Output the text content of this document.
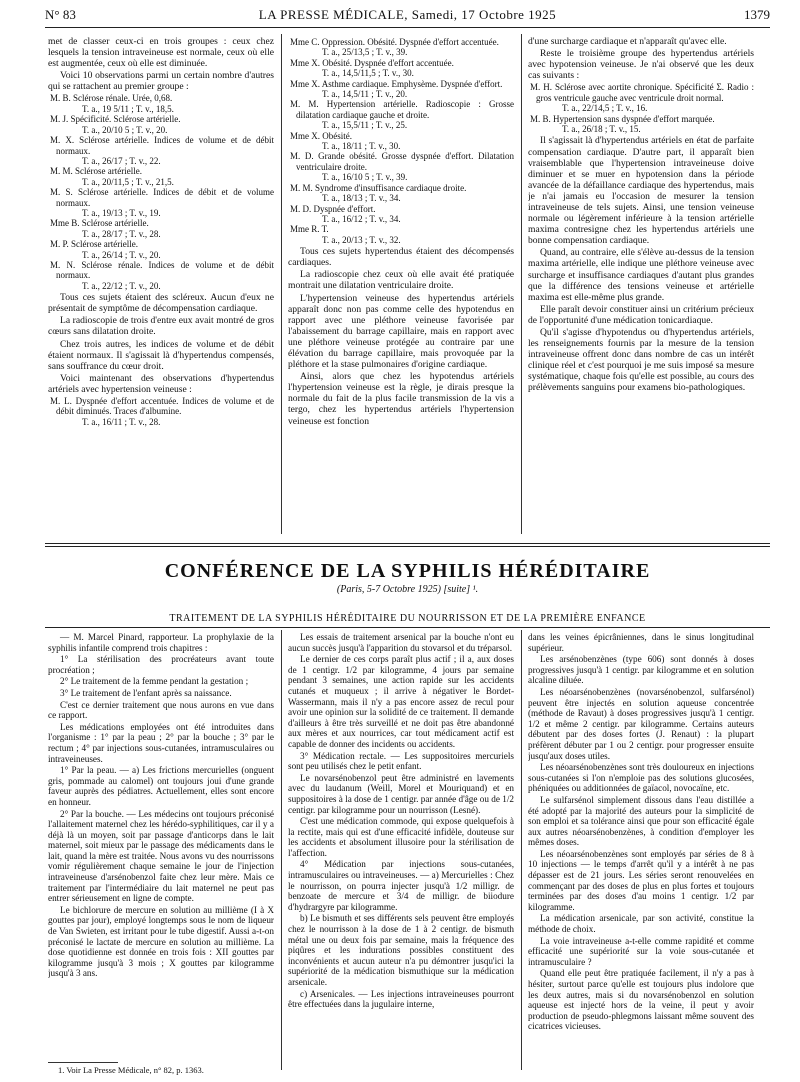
N° 83	LA PRESSE MÉDICALE, Samedi, 17 Octobre 1925	1379

met de classer ceux-ci en trois groupes : ceux chez lesquels la tension intraveineuse est normale, ceux où elle est augmentée, ceux où elle est diminuée.

Voici 10 observations parmi un certain nombre d'autres qui se rattachent au premier groupe :

M. B. Sclérose rénale. Urée, 0,68.
T. a., 19 5/11 ; T. v., 18,5.
M. J. Spécificité. Sclérose artérielle.
T. a., 20/10 5 ; T. v., 20.
M. X. Sclérose artérielle. Indices de volume et de débit normaux.
T. a., 26/17 ; T. v., 22.
M. M. Sclérose artérielle.
T. a., 20/11,5 ; T. v., 21,5.
M. S. Sclérose artérielle. Indices de débit et de volume normaux.
T. a., 19/13 ; T. v., 19.
Mme B. Sclérose artérielle.
T. a., 28/17 ; T. v., 28.
M. P. Sclérose artérielle.
T. a., 26/14 ; T. v., 20.
M. N. Sclérose rénale. Indices de volume et de débit normaux.
T. a., 22/12 ; T. v., 20.

Tous ces sujets étaient des scléreux. Aucun d'eux ne présentait de symptôme de décompensation cardiaque.

La radioscopie de trois d'entre eux avait montré de gros cœurs sans dilatation droite.

Chez trois autres, les indices de volume et de débit étaient normaux. Il s'agissait là d'hypertendus compensés, sans souffrance du cœur droit.

Voici maintenant des observations d'hypertendus artériels avec hypertension veineuse :

M. L. Dyspnée d'effort accentuée. Indices de volume et de débit diminués. Traces d'albumine.
T. a., 16/11 ; T. v., 28.
Mme C. Oppression. Obésité. Dyspnée d'effort accentuée.
T. a., 25/13,5 ; T. v., 39.
Mme X. Obésité. Dyspnée d'effort accentuée.
T. a., 14,5/11,5 ; T. v., 30.
Mme X. Asthme cardiaque. Emphysème. Dyspnée d'effort.
T. a., 14,5/11 ; T. v., 20.
M. M. Hypertension artérielle. Radioscopie : Grosse dilatation cardiaque gauche et droite.
T. a., 15,5/11 ; T. v., 25.
Mme X. Obésité.
T. a., 18/11 ; T. v., 30.
M. D. Grande obésité. Grosse dyspnée d'effort. Dilatation ventriculaire droite.
T. a., 16/10 5 ; T. v., 39.
M. M. Syndrome d'insuffisance cardiaque droite.
T. a., 18/13 ; T. v., 34.
M. D. Dyspnée d'effort.
T. a., 16/12 ; T. v., 34.
Mme R. T.
T. a., 20/13 ; T. v., 32.

Tous ces sujets hypertendus étaient des décompensés cardiaques.

La radioscopie chez ceux où elle avait été pratiquée montrait une dilatation ventriculaire droite.

L'hypertension veineuse des hypertendus artériels apparaît donc non pas comme celle des hypotendus en rapport avec une pléthore veineuse favorisée par l'abaissement du barrage capillaire, mais en rapport avec une pléthore veineuse protégée au contraire par une élévation du barrage capillaire, mais provoquée par la pléthore et la stase pulmonaires d'origine cardiaque.

Ainsi, alors que chez les hypotendus artériels l'hypertension veineuse est la règle, je dirais presque la normale du fait de la plus facile transmission de la vis a tergo, chez les hypertendus artériels l'hypertension veineuse est fonction

d'une surcharge cardiaque et n'apparaît qu'avec elle.

Reste le troisième groupe des hypertendus artériels avec hypotension veineuse. Je n'ai observé que les deux cas suivants :

M. H. Sclérose avec aortite chronique. Spécificité Σ. Radio : gros ventricule gauche avec ventricule droit normal.
T. a., 22/14,5 ; T. v., 16.
M. B. Hypertension sans dyspnée d'effort marquée.
T. a., 26/18 ; T. v., 15.

Il s'agissait là d'hypertendus artériels en état de parfaite compensation cardiaque. D'autre part, il apparaît bien vraisemblable que l'hypertension intraveineuse doive diminuer et se muer en hypotension dans la période avancée de la défaillance cardiaque des hypertendus, mais je n'ai jamais eu l'occasion de mesurer la tension intraveineuse de tels sujets. Ainsi, une tension veineuse normale ou légèrement inférieure à la tension artérielle maxima contresigne chez les hypertendus artériels une bonne compensation cardiaque.

Quand, au contraire, elle s'élève au-dessus de la tension maxima artérielle, elle indique une pléthore veineuse avec surcharge et insuffisance cardiaques d'autant plus grandes que la différence des tensions veineuse et artérielle maxima est elle-même plus grande.

Elle paraît devoir constituer ainsi un critérium précieux de l'opportunité d'une médication tonicardiaque.

Qu'il s'agisse d'hypotendus ou d'hypertendus artériels, les renseignements fournis par la mesure de la tension intraveineuse offrent donc dans nombre de cas un intérêt clinique réel et c'est pourquoi je me suis imposé sa mesure systématique, chaque fois qu'elle est possible, au cours des prélèvements sanguins pour examens bio-pathologiques.

CONFÉRENCE DE LA SYPHILIS HÉRÉDITAIRE
(Paris, 5-7 Octobre 1925) [suite] ¹.
TRAITEMENT DE LA SYPHILIS HÉRÉDITAIRE DU NOURRISSON ET DE LA PREMIÈRE ENFANCE

— M. Marcel Pinard, rapporteur. La prophylaxie de la syphilis infantile comprend trois chapitres :

1° La stérilisation des procréateurs avant toute procréation ;

2° Le traitement de la femme pendant la gestation ;

3° Le traitement de l'enfant après sa naissance.

C'est ce dernier traitement que nous aurons en vue dans ce rapport.

Les médications employées ont été introduites dans l'organisme : 1° par la peau ; 2° par la bouche ; 3° par le rectum ; 4° par injections sous-cutanées, intramusculaires ou intraveineuses.

1° Par la peau. — a) Les frictions mercurielles (onguent gris, pommade au calomel) ont toujours joui d'une grande faveur auprès des pédiatres. Actuellement, elles sont encore en honneur.

2° Par la bouche. — Les médecins ont toujours préconisé l'allaitement maternel chez les hérédo-syphilitiques, car il y a déjà là un moyen, soit par passage d'anticorps dans le lait maternel, soit mieux par le passage des médicaments dans le lait, quand la mère est traitée. Nous avons vu des nourrissons vomir régulièrement chaque semaine le jour de l'injection intraveineuse d'arsénobenzol faite chez leur mère. Mais ce traitement par l'intermédiaire du lait maternel ne peut pas entrer sérieusement en ligne de compte.

Le bichlorure de mercure en solution au millième (I à X gouttes par jour), employé longtemps sous le nom de liqueur de Van Swieten, est irritant pour le tube digestif. Aussi a-t-on préconisé le lactate de mercure en solution au millième. La dose quotidienne est donnée en trois fois : XII gouttes par kilogramme jusqu'à 3 mois ; X gouttes par kilogramme jusqu'à 3 ans.

Les essais de traitement arsenical par la bouche n'ont eu aucun succès jusqu'à l'apparition du stovarsol et du tréparsol.

Le dernier de ces corps paraît plus actif ; il a, aux doses de 1 centigr. 1/2 par kilogramme, 4 jours par semaine pendant 3 semaines, une action rapide sur les accidents cutanés et muqueux ; il arrive à négativer le Bordet-Wassermann, mais il n'y a pas encore assez de recul pour avoir une opinion sur la solidité de ce traitement. Il demande d'ailleurs à être très surveillé et ne doit pas être abandonné aux mères et aux nourrices, car tout médicament actif est capable de donner des incidents ou accidents.

3° Médication rectale. — Les suppositoires mercuriels sont peu utilisés chez le petit enfant.

Le novarsénobenzol peut être administré en lavements avec du laudanum (Weill, Morel et Mouriquand) et en suppositoires à la dose de 1 centigr. par année d'âge ou de 1/2 centigr. par kilogramme pour un nourrisson (Lesné).

C'est une médication commode, qui expose quelquefois à la rectite, mais qui est d'une efficacité infidèle, douteuse sur les accidents et absolument illusoire pour la stérilisation de l'affection.

4° Médication par injections sous-cutanées, intramusculaires ou intraveineuses. — a) Mercurielles : Chez le nourrisson, on pourra injecter jusqu'à 1/2 milligr. de benzoate de mercure et 3/4 de milligr. de biiodure d'hydrargyre par kilogramme.

b) Le bismuth et ses différents sels peuvent être employés chez le nourrisson à la dose de 1 à 2 centigr. de bismuth métal une ou deux fois par semaine, mais la fréquence des piqûres et les indurations possibles constituent des inconvénients et aucun auteur n'a pu démontrer jusqu'ici la supériorité de la médication bismuthique sur la médication arsenicale.

c) Arsenicales. — Les injections intraveineuses pourront être effectuées dans la jugulaire interne,

dans les veines épicrâniennes, dans le sinus longitudinal supérieur.

Les arsénobenzènes (type 606) sont donnés à doses progressives jusqu'à 1 centigr. par kilogramme et en solution alcaline diluée.

Les néoarsénobenzènes (novarsénobenzol, sulfarsénol) peuvent être injectés en solution aqueuse concentrée (méthode de Ravaut) à doses progressives jusqu'à 1 centigr. 1/2 et même 2 centigr. par kilogramme. Certains auteurs débutent par des doses fortes (J. Renaut) : la plupart préfèrent débuter par 1 ou 2 centigr. pour progresser ensuite jusqu'aux doses utiles.

Les néoarsénobenzènes sont très douloureux en injections sous-cutanées si l'on n'emploie pas des solutions glucosées, phéniquées ou additionnées de gaïacol, novocaïne, etc.

Le sulfarsénol simplement dissous dans l'eau distillée a été adopté par la majorité des auteurs pour la simplicité de son emploi et sa tolérance ainsi que pour son efficacité égale aux autres néoarsénobenzènes, à condition d'employer les mêmes doses.

Les néoarsénobenzènes sont employés par séries de 8 à 10 injections — le temps d'arrêt qu'il y a intérêt à ne pas dépasser est de 21 jours. Les séries seront renouvelées en commençant par des doses de plus en plus fortes et toujours terminées par des doses d'au moins 1 centigr. 1/2 par kilogramme.

La médication arsenicale, par son activité, constitue la méthode de choix.

La voie intraveineuse a-t-elle comme rapidité et comme efficacité une supériorité sur la voie sous-cutanée et intramusculaire ?

Quand elle peut être pratiquée facilement, il n'y a pas à hésiter, surtout parce qu'elle est toujours plus indolore que les deux autres, mais si du novarsénobenzol en solution aqueuse est injecté hors de la veine, il peut y avoir production de pseudo-phlegmons laissant même souvent des cicatrices vicieuses.

1. Voir La Presse Médicale, n° 82, p. 1363.
